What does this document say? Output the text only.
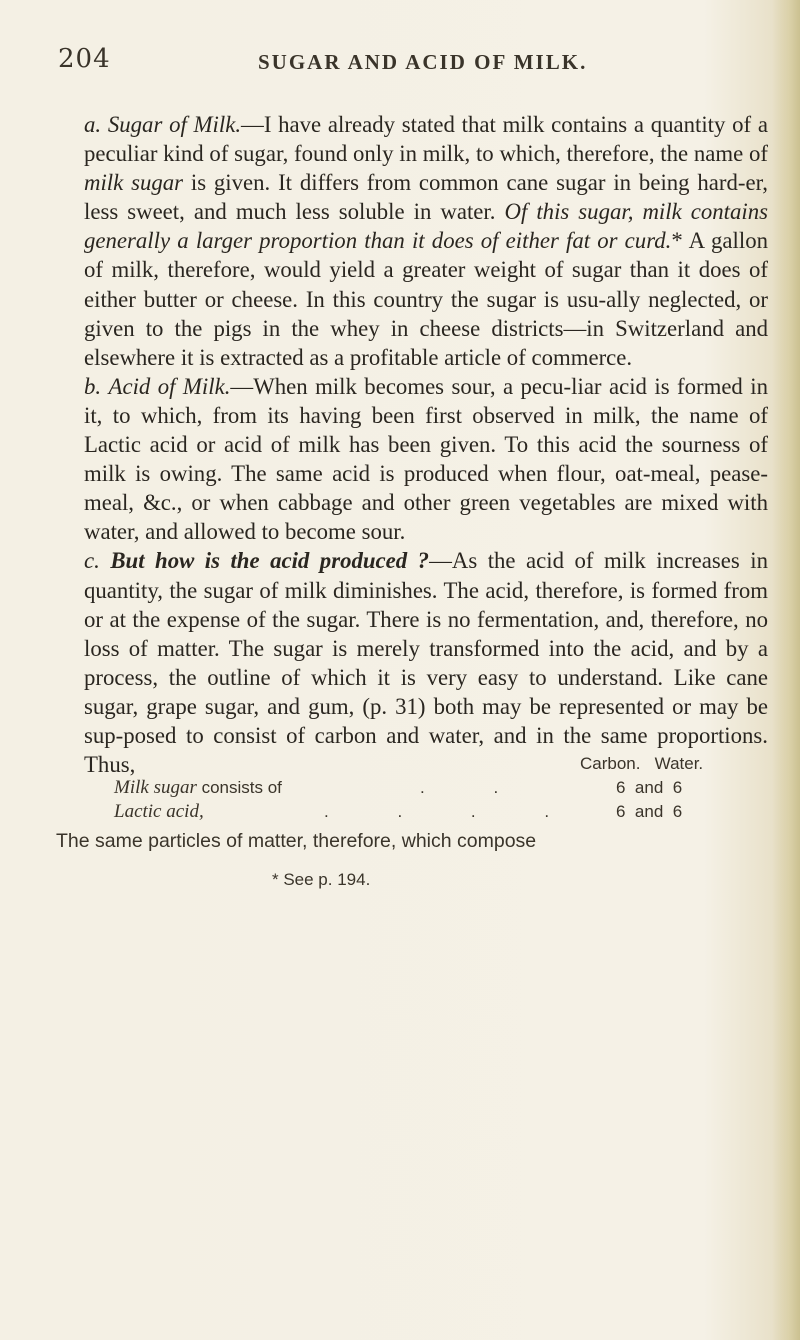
204	SUGAR AND ACID OF MILK.

a. Sugar of Milk.—I have already stated that milk contains a quantity of a peculiar kind of sugar, found only in milk, to which, therefore, the name of milk sugar is given. It differs from common cane sugar in being hard-er, less sweet, and much less soluble in water. Of this sugar, milk contains generally a larger proportion than it does of either fat or curd.* A gallon of milk, therefore, would yield a greater weight of sugar than it does of either butter or cheese. In this country the sugar is usu-ally neglected, or given to the pigs in the whey in cheese districts—in Switzerland and elsewhere it is extracted as a profitable article of commerce.

b. Acid of Milk.—When milk becomes sour, a pecu-liar acid is formed in it, to which, from its having been first observed in milk, the name of Lactic acid or acid of milk has been given. To this acid the sourness of milk is owing. The same acid is produced when flour, oat-meal, pease-meal, &c., or when cabbage and other green vegetables are mixed with water, and allowed to become sour.

c. But how is the acid produced ?—As the acid of milk increases in quantity, the sugar of milk diminishes. The acid, therefore, is formed from or at the expense of the sugar. There is no fermentation, and, therefore, no loss of matter. The sugar is merely transformed into the acid, and by a process, the outline of which it is very easy to understand. Like cane sugar, grape sugar, and gum, (p. 31) both may be represented or may be sup-posed to consist of carbon and water, and in the same proportions. Thus,	Carbon. Water.
Milk sugar consists of	. .	6 and 6
Lactic acid,	. . . . 6 and 6
The same particles of matter, therefore, which compose
* See p. 194.
